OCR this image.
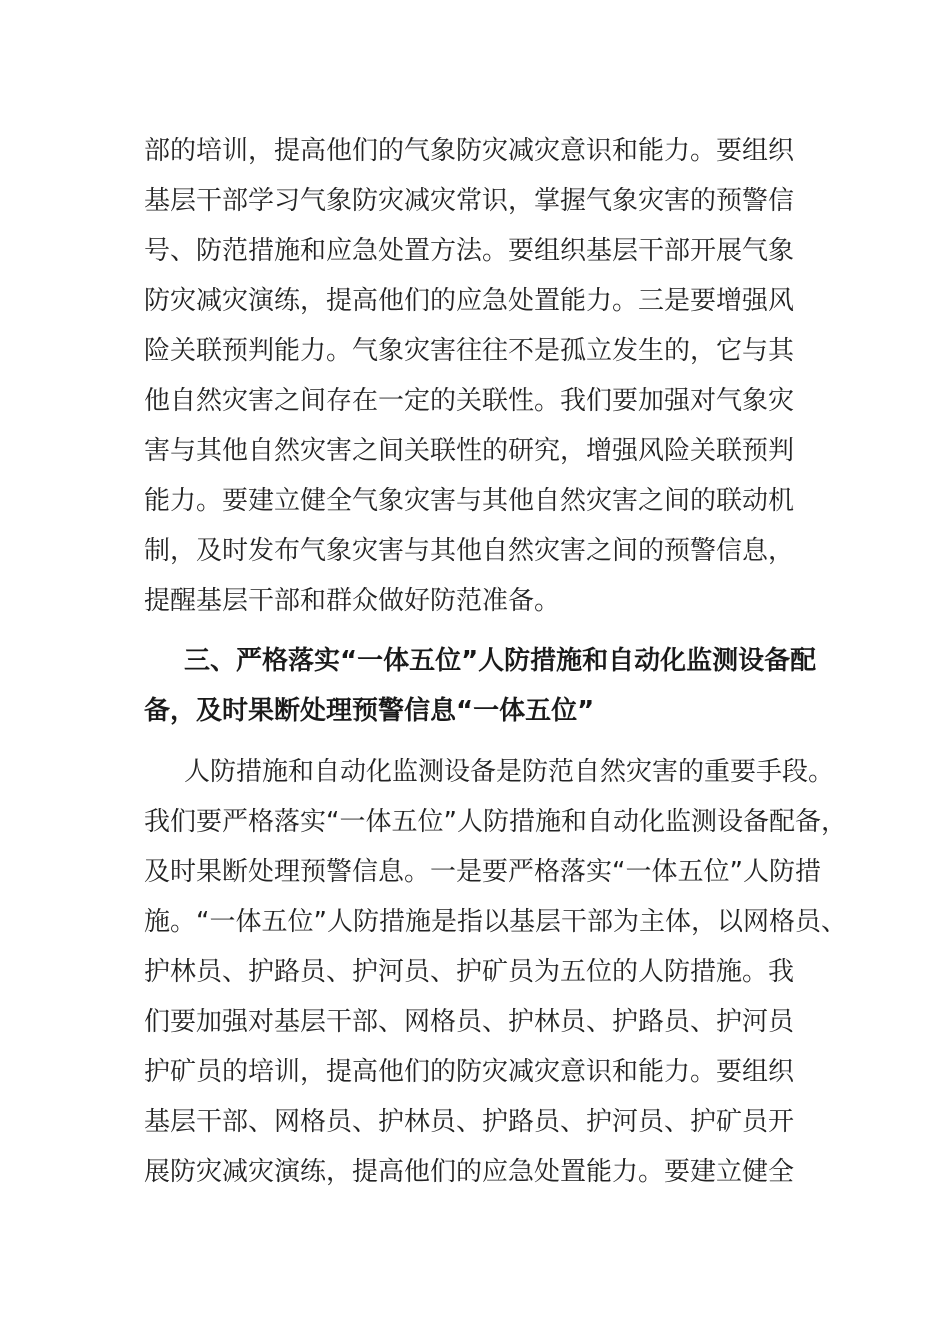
部的培训，提高他们的气象防灾减灾意识和能力。要组织
基层干部学习气象防灾减灾常识，掌握气象灾害的预警信
号、防范措施和应急处置方法。要组织基层干部开展气象
防灾减灾演练，提高他们的应急处置能力。三是要增强风
险关联预判能力。气象灾害往往不是孤立发生的，它与其
他自然灾害之间存在一定的关联性。我们要加强对气象灾
害与其他自然灾害之间关联性的研究，增强风险关联预判
能力。要建立健全气象灾害与其他自然灾害之间的联动机
制，及时发布气象灾害与其他自然灾害之间的预警信息，
提醒基层干部和群众做好防范准备。
三、严格落实“一体五位”人防措施和自动化监测设备配
备，及时果断处理预警信息“一体五位”
人防措施和自动化监测设备是防范自然灾害的重要手段。
我们要严格落实“一体五位”人防措施和自动化监测设备配备，
及时果断处理预警信息。一是要严格落实“一体五位”人防措
施。“一体五位”人防措施是指以基层干部为主体，以网格员、
护林员、护路员、护河员、护矿员为五位的人防措施。我
们要加强对基层干部、网格员、护林员、护路员、护河员
护矿员的培训，提高他们的防灾减灾意识和能力。要组织
基层干部、网格员、护林员、护路员、护河员、护矿员开
展防灾减灾演练，提高他们的应急处置能力。要建立健全
